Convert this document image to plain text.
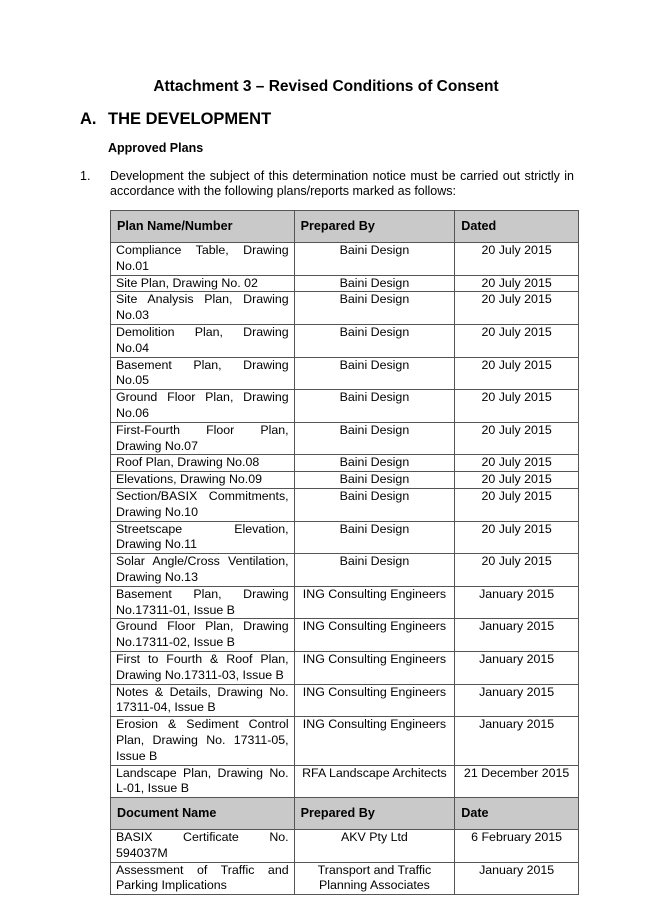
Attachment 3 – Revised Conditions of Consent
A. THE DEVELOPMENT
Approved Plans
1. Development the subject of this determination notice must be carried out strictly in accordance with the following plans/reports marked as follows:
Plan Name/Number	Prepared By	Dated
Compliance Table, Drawing No.01	Baini Design	20 July 2015
Site Plan, Drawing No. 02	Baini Design	20 July 2015
Site Analysis Plan, Drawing No.03	Baini Design	20 July 2015
Demolition Plan, Drawing No.04	Baini Design	20 July 2015
Basement Plan, Drawing No.05	Baini Design	20 July 2015
Ground Floor Plan, Drawing No.06	Baini Design	20 July 2015
First-Fourth Floor Plan, Drawing No.07	Baini Design	20 July 2015
Roof Plan, Drawing No.08	Baini Design	20 July 2015
Elevations, Drawing No.09	Baini Design	20 July 2015
Section/BASIX Commitments, Drawing No.10	Baini Design	20 July 2015
Streetscape Elevation, Drawing No.11	Baini Design	20 July 2015
Solar Angle/Cross Ventilation, Drawing No.13	Baini Design	20 July 2015
Basement Plan, Drawing No.17311-01, Issue B	ING Consulting Engineers	January 2015
Ground Floor Plan, Drawing No.17311-02, Issue B	ING Consulting Engineers	January 2015
First to Fourth & Roof Plan, Drawing No.17311-03, Issue B	ING Consulting Engineers	January 2015
Notes & Details, Drawing No. 17311-04, Issue B	ING Consulting Engineers	January 2015
Erosion & Sediment Control Plan, Drawing No. 17311-05, Issue B	ING Consulting Engineers	January 2015
Landscape Plan, Drawing No. L-01, Issue B	RFA Landscape Architects	21 December 2015
Document Name	Prepared By	Date
BASIX Certificate No. 594037M	AKV Pty Ltd	6 February 2015
Assessment of Traffic and Parking Implications	Transport and Traffic Planning Associates	January 2015
